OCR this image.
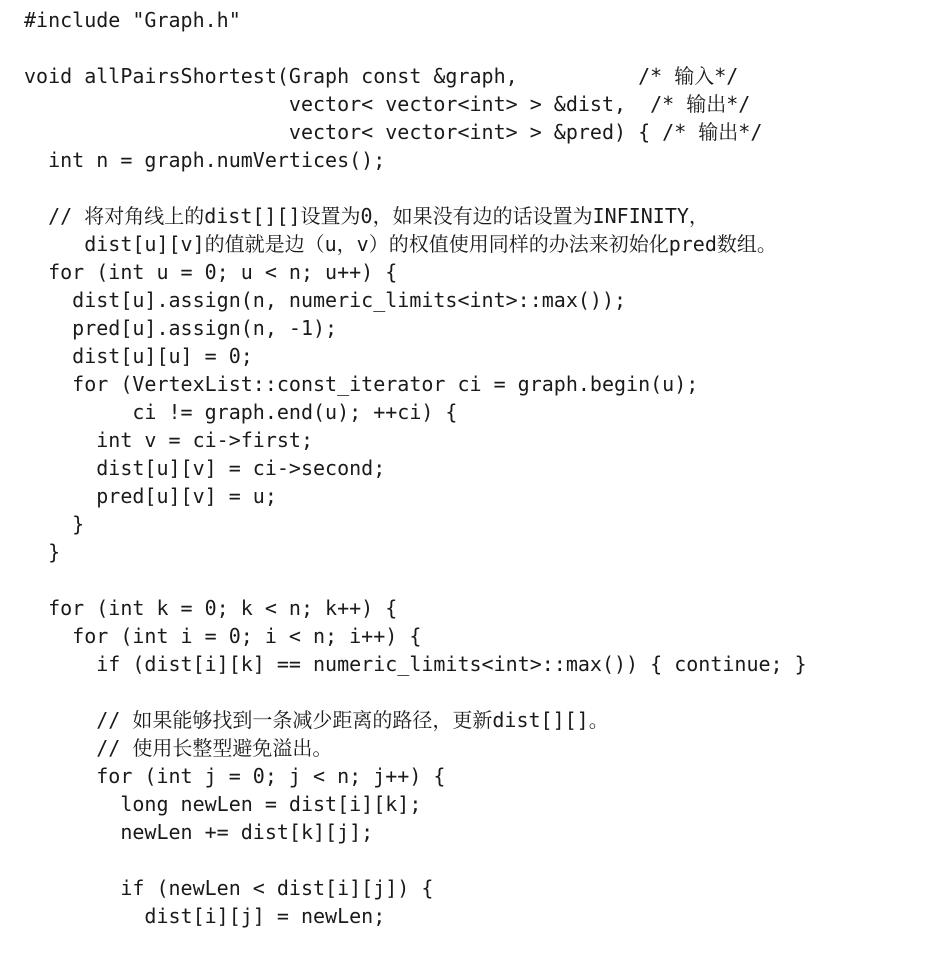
#include "Graph.h"
void allPairsShortest(Graph const &graph,          /* 输入*/
vector< vector<int> > &dist,  /* 输出*/
vector< vector<int> > &pred) { /* 输出*/
int n = graph.numVertices();
// 将对角线上的dist[][]设置为0，如果没有边的话设置为INFINITY，
dist[u][v]的值就是边（u，v）的权值使用同样的办法来初始化pred数组。
for (int u = 0; u < n; u++) {
dist[u].assign(n, numeric_limits<int>::max());
pred[u].assign(n, -1);
dist[u][u] = 0;
for (VertexList::const_iterator ci = graph.begin(u);
ci != graph.end(u); ++ci) {
int v = ci->first;
dist[u][v] = ci->second;
pred[u][v] = u;
}
}
for (int k = 0; k < n; k++) {
for (int i = 0; i < n; i++) {
if (dist[i][k] == numeric_limits<int>::max()) { continue; }
// 如果能够找到一条减少距离的路径，更新dist[][]。
// 使用长整型避免溢出。
for (int j = 0; j < n; j++) {
long newLen = dist[i][k];
newLen += dist[k][j];
if (newLen < dist[i][j]) {
dist[i][j] = newLen;
